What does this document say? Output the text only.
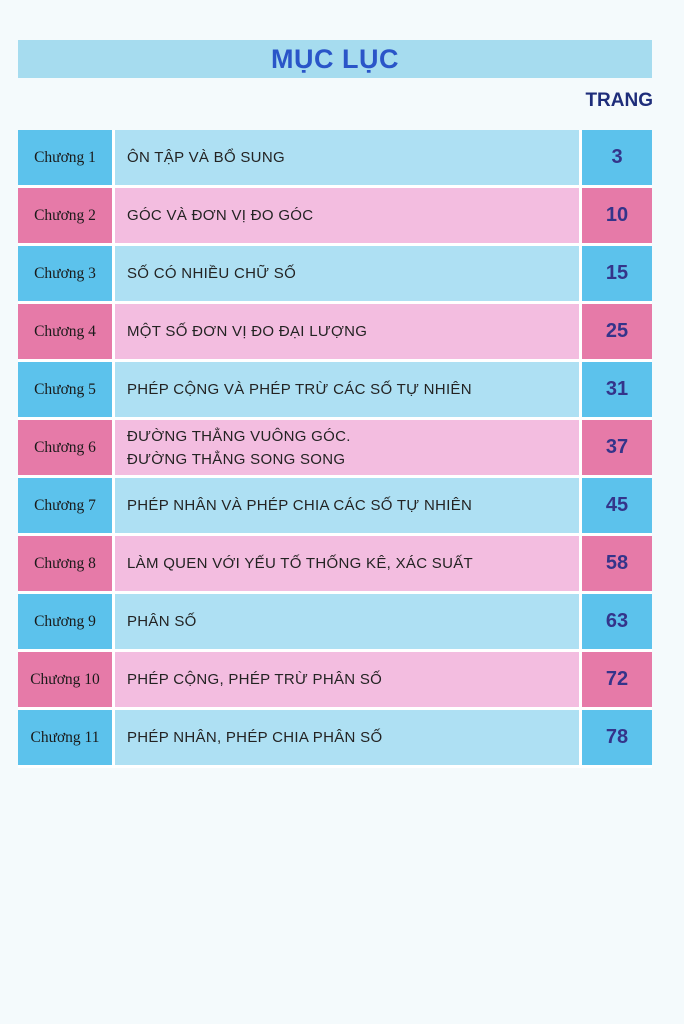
MỤC LỤC
TRANG
Chương 1	ÔN TẬP VÀ BỔ SUNG	3
Chương 2	GÓC VÀ ĐƠN VỊ ĐO GÓC	10
Chương 3	SỐ CÓ NHIỀU CHỮ SỐ	15
Chương 4	MỘT SỐ ĐƠN VỊ ĐO ĐẠI LƯỢNG	25
Chương 5	PHÉP CỘNG VÀ PHÉP TRỪ CÁC SỐ TỰ NHIÊN	31
Chương 6	ĐƯỜNG THẲNG VUÔNG GÓC.
ĐƯỜNG THẲNG SONG SONG	37
Chương 7	PHÉP NHÂN VÀ PHÉP CHIA CÁC SỐ TỰ NHIÊN	45
Chương 8	LÀM QUEN VỚI YẾU TỐ THỐNG KÊ, XÁC SUẤT	58
Chương 9	PHÂN SỐ	63
Chương 10	PHÉP CỘNG, PHÉP TRỪ PHÂN SỐ	72
Chương 11	PHÉP NHÂN, PHÉP CHIA PHÂN SỐ	78
